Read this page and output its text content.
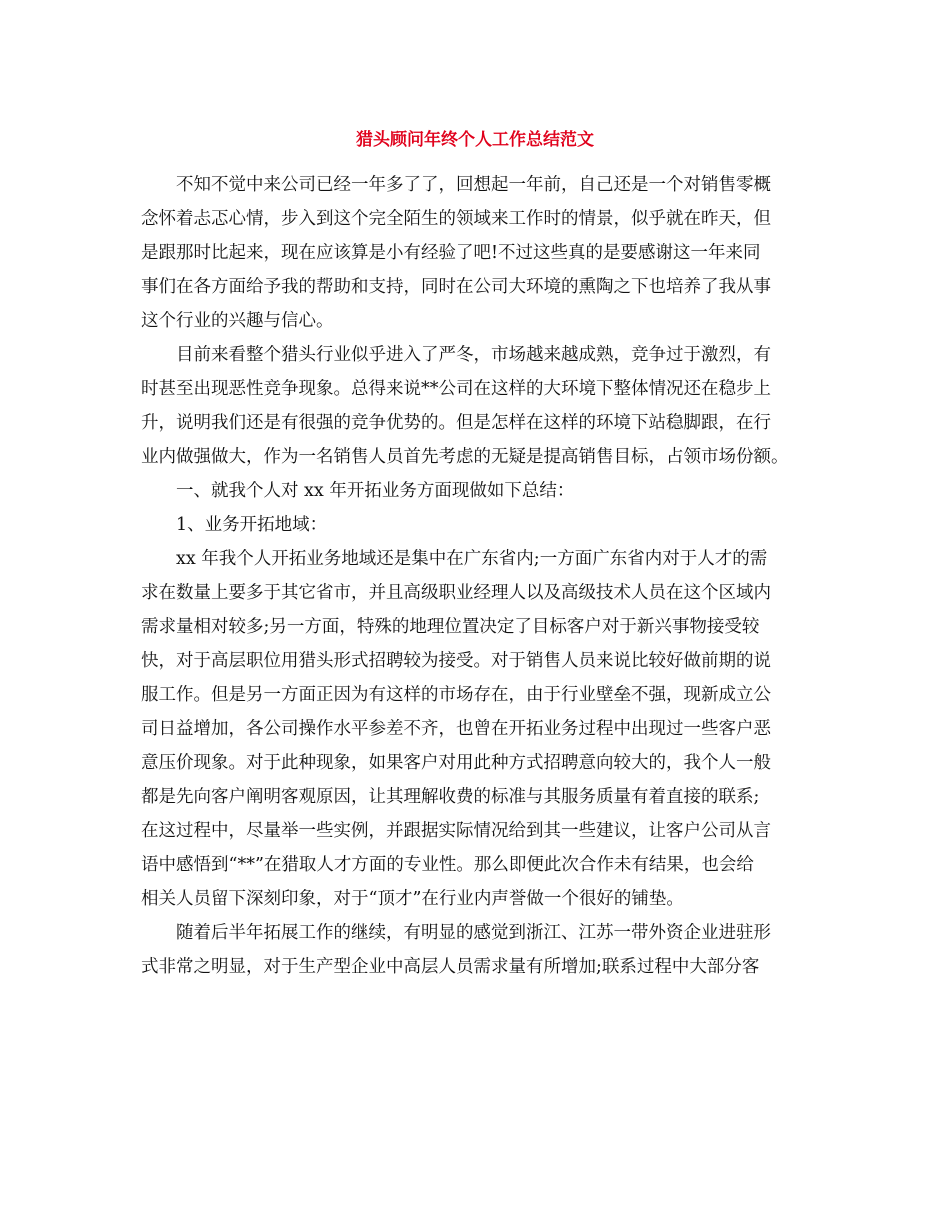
猎头顾问年终个人工作总结范文

不知不觉中来公司已经一年多了了，回想起一年前，自己还是一个对销售零概

念怀着忐忑心情，步入到这个完全陌生的领域来工作时的情景，似乎就在昨天，但

是跟那时比起来，现在应该算是小有经验了吧!不过这些真的是要感谢这一年来同

事们在各方面给予我的帮助和支持，同时在公司大环境的熏陶之下也培养了我从事

这个行业的兴趣与信心。

目前来看整个猎头行业似乎进入了严冬，市场越来越成熟，竞争过于激烈，有

时甚至出现恶性竞争现象。总得来说**公司在这样的大环境下整体情况还在稳步上

升，说明我们还是有很强的竞争优势的。但是怎样在这样的环境下站稳脚跟，在行

业内做强做大，作为一名销售人员首先考虑的无疑是提高销售目标，占领市场份额。

一、就我个人对 xx 年开拓业务方面现做如下总结：

1、业务开拓地域：

xx 年我个人开拓业务地域还是集中在广东省内;一方面广东省内对于人才的需

求在数量上要多于其它省市，并且高级职业经理人以及高级技术人员在这个区域内

需求量相对较多;另一方面，特殊的地理位置决定了目标客户对于新兴事物接受较

快，对于高层职位用猎头形式招聘较为接受。对于销售人员来说比较好做前期的说

服工作。但是另一方面正因为有这样的市场存在，由于行业壁垒不强，现新成立公

司日益增加，各公司操作水平参差不齐，也曾在开拓业务过程中出现过一些客户恶

意压价现象。对于此种现象，如果客户对用此种方式招聘意向较大的，我个人一般

都是先向客户阐明客观原因，让其理解收费的标准与其服务质量有着直接的联系;

在这过程中，尽量举一些实例，并跟据实际情况给到其一些建议，让客户公司从言

语中感悟到“**”在猎取人才方面的专业性。那么即便此次合作未有结果，也会给

相关人员留下深刻印象，对于“顶才”在行业内声誉做一个很好的铺垫。

随着后半年拓展工作的继续，有明显的感觉到浙江、江苏一带外资企业进驻形

式非常之明显，对于生产型企业中高层人员需求量有所增加;联系过程中大部分客
